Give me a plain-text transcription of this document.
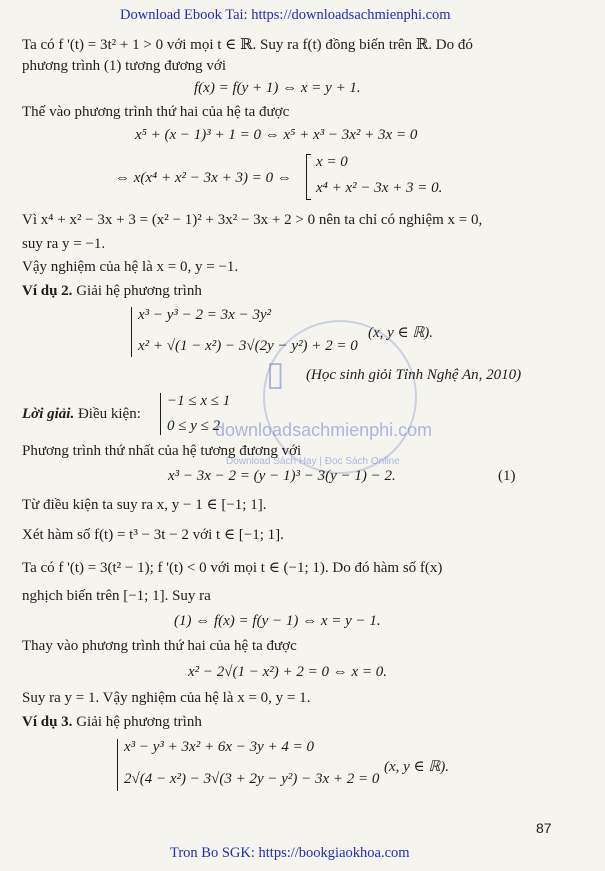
Download Ebook Tai: https://downloadsachmienphi.com
▯
downloadsachmienphi.com
Download Sách Hay | Đọc Sách Online
Ta có f '(t) = 3t² + 1 > 0 với mọi t ∈ ℝ. Suy ra f(t) đồng biến trên ℝ. Do đó
phương trình (1) tương đương với
f(x) = f(y + 1) ⇔ x = y + 1.
Thế vào phương trình thứ hai của hệ ta được
x⁵ + (x − 1)³ + 1 = 0 ⇔ x⁵ + x³ − 3x² + 3x = 0
⇔ x(x⁴ + x² − 3x + 3) = 0 ⇔
x = 0
x⁴ + x² − 3x + 3 = 0.
Vì x⁴ + x² − 3x + 3 = (x² − 1)² + 3x² − 3x + 2 > 0 nên ta chỉ có nghiệm x = 0,
suy ra y = −1.
Vậy nghiệm của hệ là x = 0, y = −1.
Ví dụ 2. Giải hệ phương trình
x³ − y³ − 2 = 3x − 3y²
x² + √(1 − x²) − 3√(2y − y²) + 2 = 0
(x, y ∈ ℝ).
(Học sinh giỏi Tỉnh Nghệ An, 2010)
Lời giải. Điều kiện:
−1 ≤ x ≤ 1
0 ≤ y ≤ 2
Phương trình thứ nhất của hệ tương đương với
x³ − 3x − 2 = (y − 1)³ − 3(y − 1) − 2.	(1)
Từ điều kiện ta suy ra x, y − 1 ∈ [−1; 1].
Xét hàm số f(t) = t³ − 3t − 2 với t ∈ [−1; 1].
Ta có f '(t) = 3(t² − 1); f '(t) < 0 với mọi t ∈ (−1; 1). Do đó hàm số f(x)
nghịch biến trên [−1; 1]. Suy ra
(1) ⇔ f(x) = f(y − 1) ⇔ x = y − 1.
Thay vào phương trình thứ hai của hệ ta được
x² − 2√(1 − x²) + 2 = 0 ⇔ x = 0.
Suy ra y = 1. Vậy nghiệm của hệ là x = 0, y = 1.
Ví dụ 3. Giải hệ phương trình
x³ − y³ + 3x² + 6x − 3y + 4 = 0
2√(4 − x²) − 3√(3 + 2y − y²) − 3x + 2 = 0
(x, y ∈ ℝ).
87
Tron Bo SGK: https://bookgiaokhoa.com
